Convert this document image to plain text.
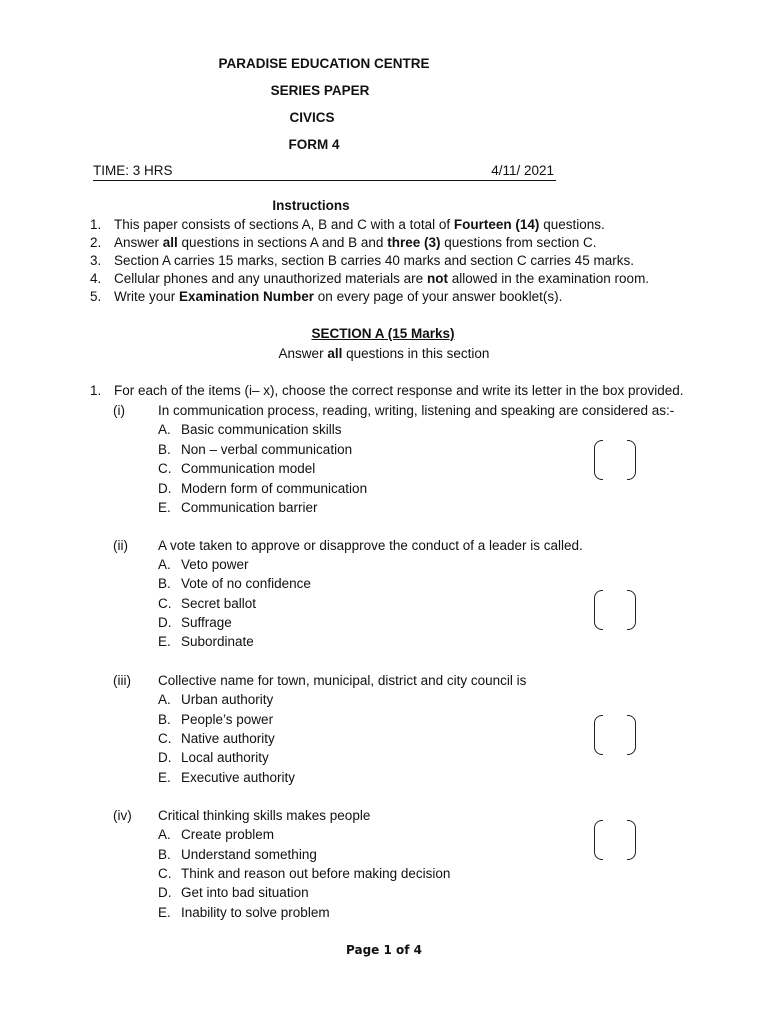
PARADISE EDUCATION CENTRE
SERIES PAPER
CIVICS
FORM 4
TIME: 3 HRS	4/11/ 2021
Instructions
1. This paper consists of sections A, B and C with a total of Fourteen (14) questions.
2. Answer all questions in sections A and B and three (3) questions from section C.
3. Section A carries 15 marks, section B carries 40 marks and section C carries 45 marks.
4. Cellular phones and any unauthorized materials are not allowed in the examination room.
5. Write your Examination Number on every page of your answer booklet(s).
SECTION A (15 Marks)
Answer all questions in this section
1. For each of the items (i– x), choose the correct response and write its letter in the box provided.
(i) In communication process, reading, writing, listening and speaking are considered as:-
A. Basic communication skills
B. Non – verbal communication
C. Communication model
D. Modern form of communication
E. Communication barrier
(ii) A vote taken to approve or disapprove the conduct of a leader is called.
A. Veto power
B. Vote of no confidence
C. Secret ballot
D. Suffrage
E. Subordinate
(iii) Collective name for town, municipal, district and city council is
A. Urban authority
B. People’s power
C. Native authority
D. Local authority
E. Executive authority
(iv) Critical thinking skills makes people
A. Create problem
B. Understand something
C. Think and reason out before making decision
D. Get into bad situation
E. Inability to solve problem
Page 1 of 4
